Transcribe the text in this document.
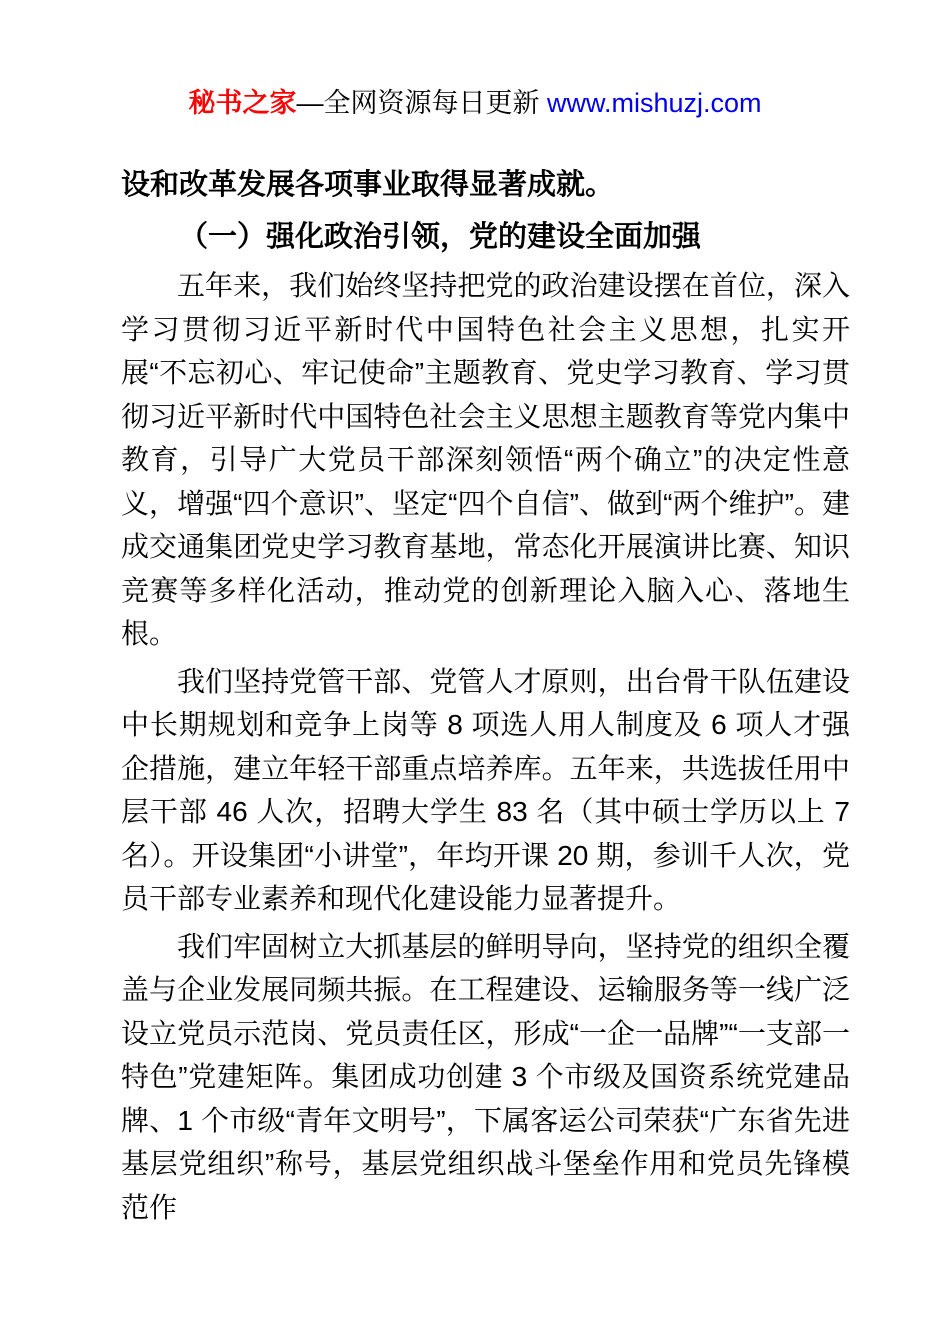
秘书之家—全网资源每日更新 www.mishuzj.com

设和改革发展各项事业取得显著成就。

（一）强化政治引领，党的建设全面加强

五年来，我们始终坚持把党的政治建设摆在首位，深入学习贯彻习近平新时代中国特色社会主义思想，扎实开展“不忘初心、牢记使命”主题教育、党史学习教育、学习贯彻习近平新时代中国特色社会主义思想主题教育等党内集中教育，引导广大党员干部深刻领悟“两个确立”的决定性意义，增强“四个意识”、坚定“四个自信”、做到“两个维护”。建成交通集团党史学习教育基地，常态化开展演讲比赛、知识竞赛等多样化活动，推动党的创新理论入脑入心、落地生根。

我们坚持党管干部、党管人才原则，出台骨干队伍建设中长期规划和竞争上岗等 8 项选人用人制度及 6 项人才强企措施，建立年轻干部重点培养库。五年来，共选拔任用中层干部 46 人次，招聘大学生 83 名（其中硕士学历以上 7 名）。开设集团“小讲堂”，年均开课 20 期，参训千人次，党员干部专业素养和现代化建设能力显著提升。

我们牢固树立大抓基层的鲜明导向，坚持党的组织全覆盖与企业发展同频共振。在工程建设、运输服务等一线广泛设立党员示范岗、党员责任区，形成“一企一品牌”“一支部一特色”党建矩阵。集团成功创建 3 个市级及国资系统党建品牌、1 个市级“青年文明号”，下属客运公司荣获“广东省先进基层党组织”称号，基层党组织战斗堡垒作用和党员先锋模范作
